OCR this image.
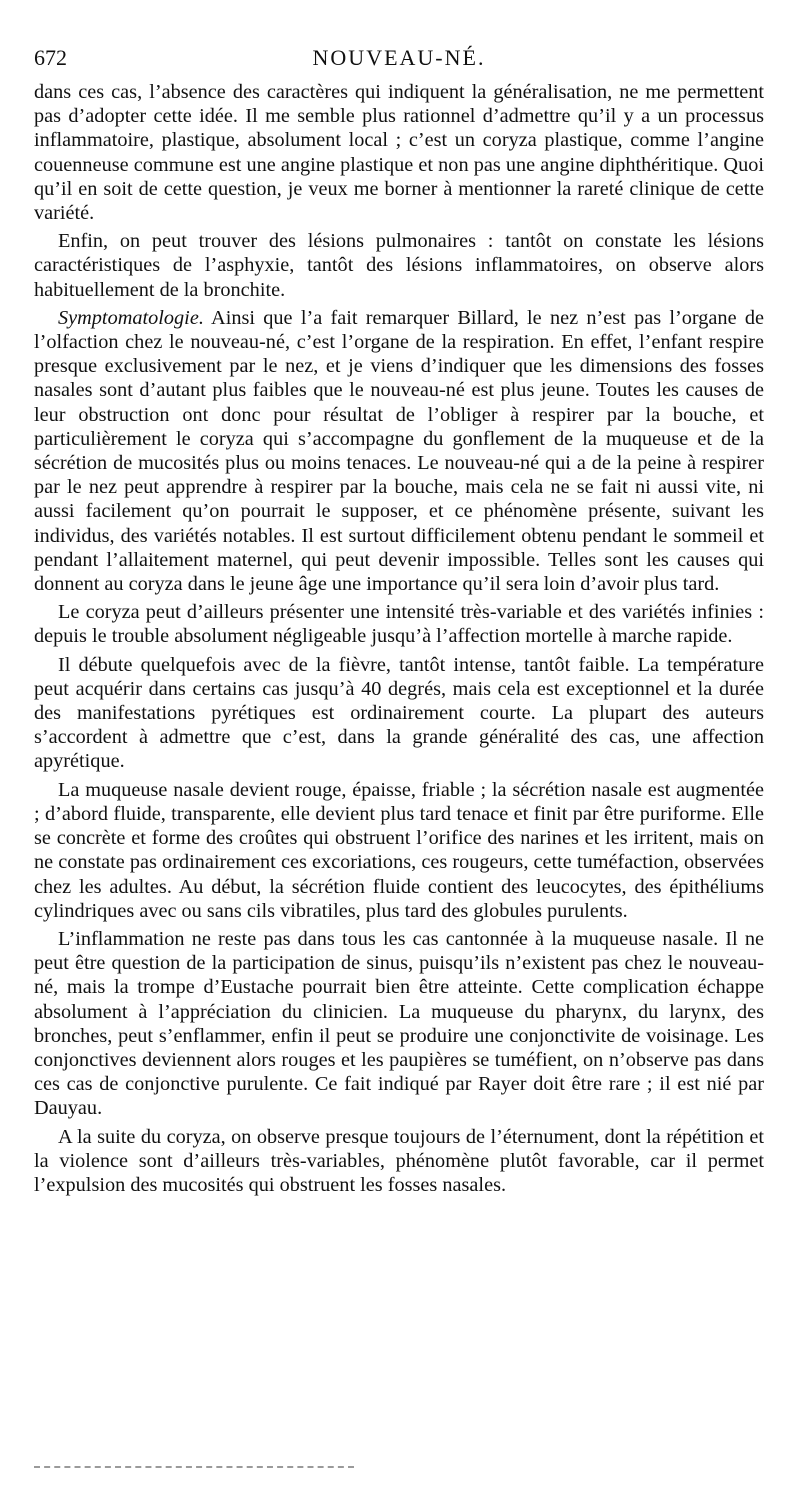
672	NOUVEAU-NÉ.

dans ces cas, l’absence des caractères qui indiquent la généralisation, ne me permettent pas d’adopter cette idée. Il me semble plus rationnel d’admettre qu’il y a un processus inflammatoire, plastique, absolument local ; c’est un coryza plastique, comme l’angine couenneuse commune est une angine plastique et non pas une angine diphthéritique. Quoi qu’il en soit de cette question, je veux me borner à mentionner la rareté clinique de cette variété.

Enfin, on peut trouver des lésions pulmonaires : tantôt on constate les lésions caractéristiques de l’asphyxie, tantôt des lésions inflammatoires, on observe alors habituellement de la bronchite.

Symptomatologie. Ainsi que l’a fait remarquer Billard, le nez n’est pas l’organe de l’olfaction chez le nouveau-né, c’est l’organe de la respiration. En effet, l’enfant respire presque exclusivement par le nez, et je viens d’indiquer que les dimensions des fosses nasales sont d’autant plus faibles que le nouveau-né est plus jeune. Toutes les causes de leur obstruction ont donc pour résultat de l’obliger à respirer par la bouche, et particulièrement le coryza qui s’accompagne du gonflement de la muqueuse et de la sécrétion de mucosités plus ou moins tenaces. Le nouveau-né qui a de la peine à respirer par le nez peut apprendre à respirer par la bouche, mais cela ne se fait ni aussi vite, ni aussi facilement qu’on pourrait le supposer, et ce phénomène présente, suivant les individus, des variétés notables. Il est surtout difficilement obtenu pendant le sommeil et pendant l’allaitement maternel, qui peut devenir impossible. Telles sont les causes qui donnent au coryza dans le jeune âge une importance qu’il sera loin d’avoir plus tard.

Le coryza peut d’ailleurs présenter une intensité très-variable et des variétés infinies : depuis le trouble absolument négligeable jusqu’à l’affection mortelle à marche rapide.

Il débute quelquefois avec de la fièvre, tantôt intense, tantôt faible. La température peut acquérir dans certains cas jusqu’à 40 degrés, mais cela est exceptionnel et la durée des manifestations pyrétiques est ordinairement courte. La plupart des auteurs s’accordent à admettre que c’est, dans la grande généralité des cas, une affection apyrétique.

La muqueuse nasale devient rouge, épaisse, friable ; la sécrétion nasale est augmentée ; d’abord fluide, transparente, elle devient plus tard tenace et finit par être puriforme. Elle se concrète et forme des croûtes qui obstruent l’orifice des narines et les irritent, mais on ne constate pas ordinairement ces excoriations, ces rougeurs, cette tuméfaction, observées chez les adultes. Au début, la sécrétion fluide contient des leucocytes, des épithéliums cylindriques avec ou sans cils vibratiles, plus tard des globules purulents.

L’inflammation ne reste pas dans tous les cas cantonnée à la muqueuse nasale. Il ne peut être question de la participation de sinus, puisqu’ils n’existent pas chez le nouveau-né, mais la trompe d’Eustache pourrait bien être atteinte. Cette complication échappe absolument à l’appréciation du clinicien. La muqueuse du pharynx, du larynx, des bronches, peut s’enflammer, enfin il peut se produire une conjonctivite de voisinage. Les conjonctives deviennent alors rouges et les paupières se tuméfient, on n’observe pas dans ces cas de conjonctive purulente. Ce fait indiqué par Rayer doit être rare ; il est nié par Dauyau.

A la suite du coryza, on observe presque toujours de l’éternument, dont la répétition et la violence sont d’ailleurs très-variables, phénomène plutôt favorable, car il permet l’expulsion des mucosités qui obstruent les fosses nasales.
